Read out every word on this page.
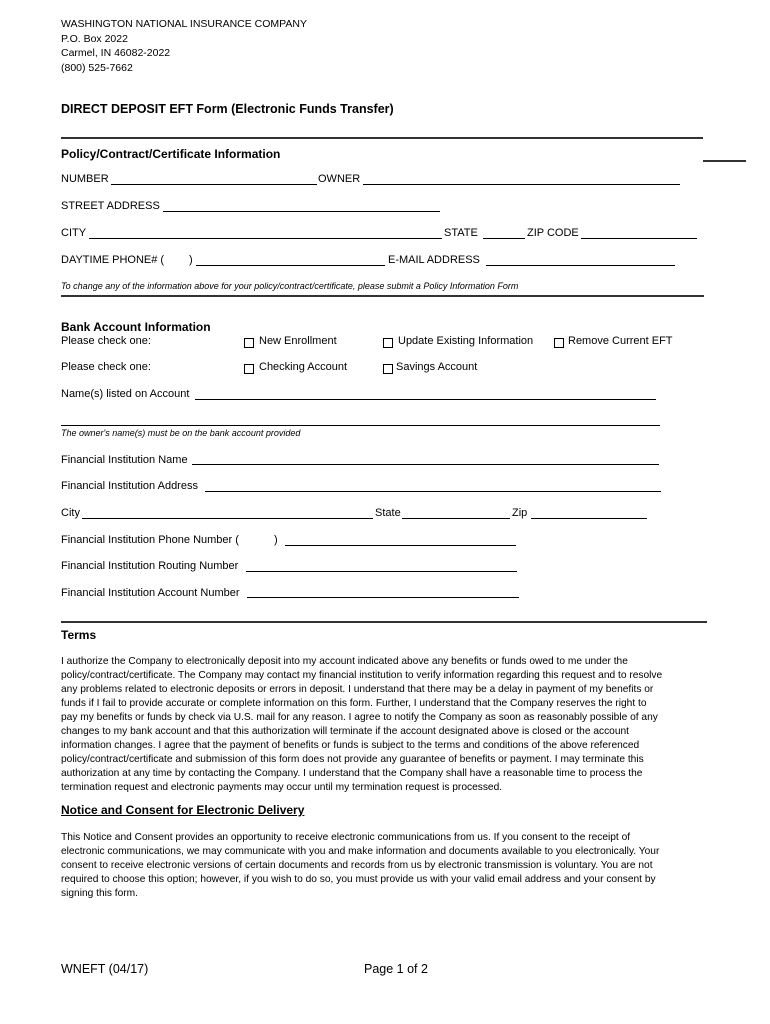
WASHINGTON NATIONAL INSURANCE COMPANY
P.O. Box 2022
Carmel, IN 46082-2022
(800) 525-7662
DIRECT DEPOSIT EFT Form (Electronic Funds Transfer)
Policy/Contract/Certificate Information
NUMBER	OWNER
STREET ADDRESS
CITY	STATE	ZIP CODE
DAYTIME PHONE# ( )	E-MAIL ADDRESS
To change any of the information above for your policy/contract/certificate, please submit a Policy Information Form
Bank Account Information
Please check one:	New Enrollment	Update Existing Information	Remove Current EFT
Please check one:	Checking Account	Savings Account
Name(s) listed on Account
The owner's name(s) must be on the bank account provided
Financial Institution Name
Financial Institution Address
City	State	Zip
Financial Institution Phone Number (	)
Financial Institution Routing Number
Financial Institution Account Number
Terms
I authorize the Company to electronically deposit into my account indicated above any benefits or funds owed to me under the
policy/contract/certificate. The Company may contact my financial institution to verify information regarding this request and to resolve
any problems related to electronic deposits or errors in deposit. I understand that there may be a delay in payment of my benefits or
funds if I fail to provide accurate or complete information on this form. Further, I understand that the Company reserves the right to
pay my benefits or funds by check via U.S. mail for any reason. I agree to notify the Company as soon as reasonably possible of any
changes to my bank account and that this authorization will terminate if the account designated above is closed or the account
information changes. I agree that the payment of benefits or funds is subject to the terms and conditions of the above referenced
policy/contract/certificate and submission of this form does not provide any guarantee of benefits or payment. I may terminate this
authorization at any time by contacting the Company. I understand that the Company shall have a reasonable time to process the
termination request and electronic payments may occur until my termination request is processed.
Notice and Consent for Electronic Delivery
This Notice and Consent provides an opportunity to receive electronic communications from us. If you consent to the receipt of
electronic communications, we may communicate with you and make information and documents available to you electronically. Your
consent to receive electronic versions of certain documents and records from us by electronic transmission is voluntary. You are not
required to choose this option; however, if you wish to do so, you must provide us with your valid email address and your consent by
signing this form.
WNEFT (04/17)	Page 1 of 2
